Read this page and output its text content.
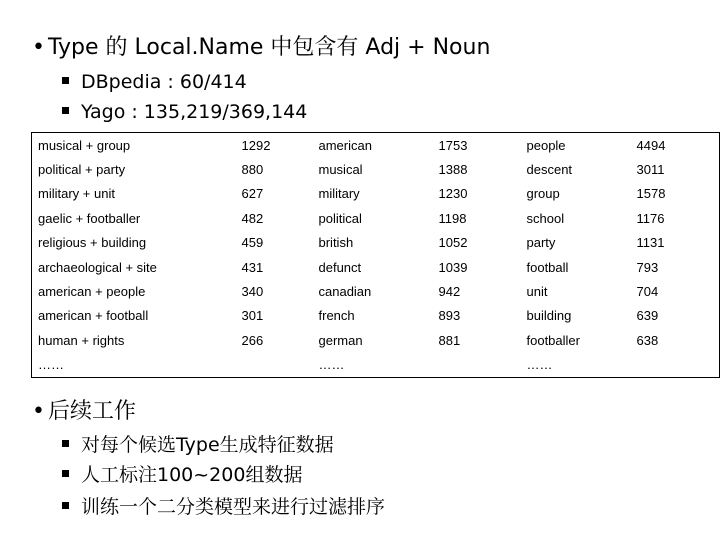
• Type 的 Local.Name 中包含有 Adj + Noun
DBpedia : 60/414
Yago : 135,219/369,144
musical + group	1292	american	1753	people	4494
political + party	880	musical	1388	descent	3011
military + unit	627	military	1230	group	1578
gaelic + footballer	482	political	1198	school	1176
religious + building	459	british	1052	party	1131
archaeological + site	431	defunct	1039	football	793
american + people	340	canadian	942	unit	704
american + football	301	french	893	building	639
human + rights	266	german	881	footballer	638
……		……		……	
• 后续工作
对每个候选Type生成特征数据
人工标注100~200组数据
训练一个二分类模型来进行过滤排序
